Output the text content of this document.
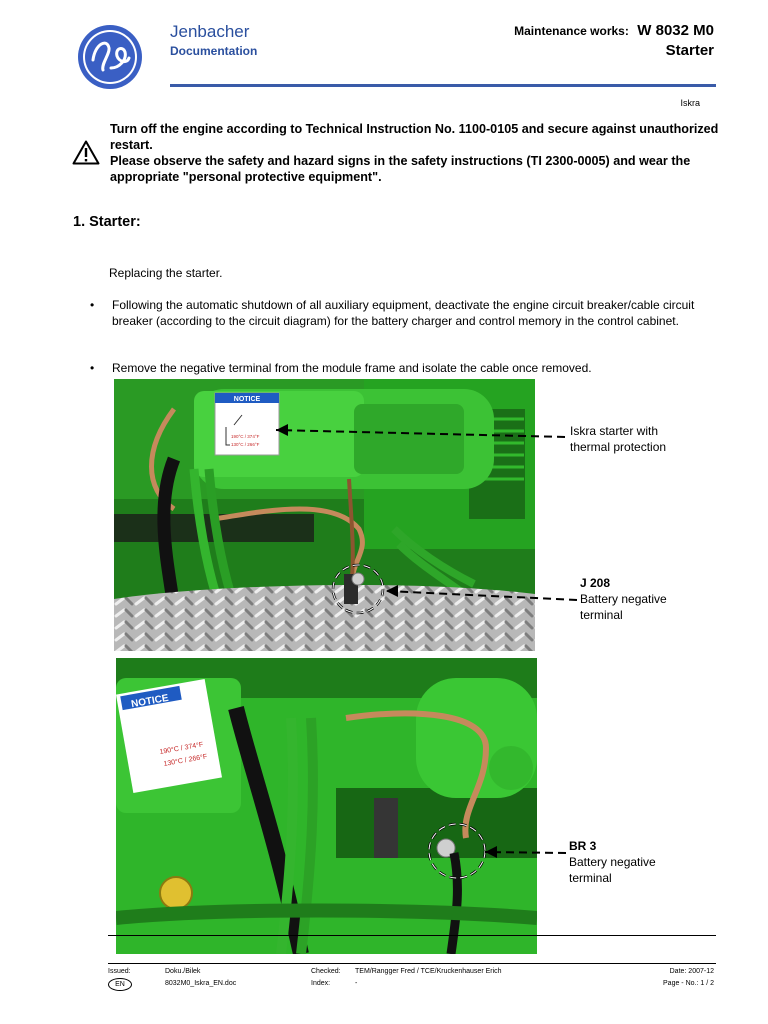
Jenbacher
Documentation
Maintenance works: W 8032 M0
Starter
Iskra

Turn off the engine according to Technical Instruction No. 1100-0105 and secure against unauthorized restart.

Please observe the safety and hazard signs in the safety instructions (TI 2300-0005) and wear the appropriate "personal protective equipment".

1. Starter:
Replacing the starter.
• Following the automatic shutdown of all auxiliary equipment, deactivate the engine circuit breaker/cable circuit breaker (according to the circuit diagram) for the battery charger and control memory in the control cabinet.
• Remove the negative terminal from the module frame and isolate the cable once removed.
NOTICE
190°C / 374°F
130°C / 266°F
NOTICE
190°C / 374°F
130°C / 266°F
Iskra starter with
thermal protection
J 208
Battery negative
terminal
BR 3
Battery negative
terminal
Issued:	Doku./Bilek	Checked: TEM/Rangger Fred / TCE/Kruckenhauser Erich	Date: 2007-12
EN	8032M0_Iskra_EN.doc	Index:	-	Page - No.: 1 / 2
